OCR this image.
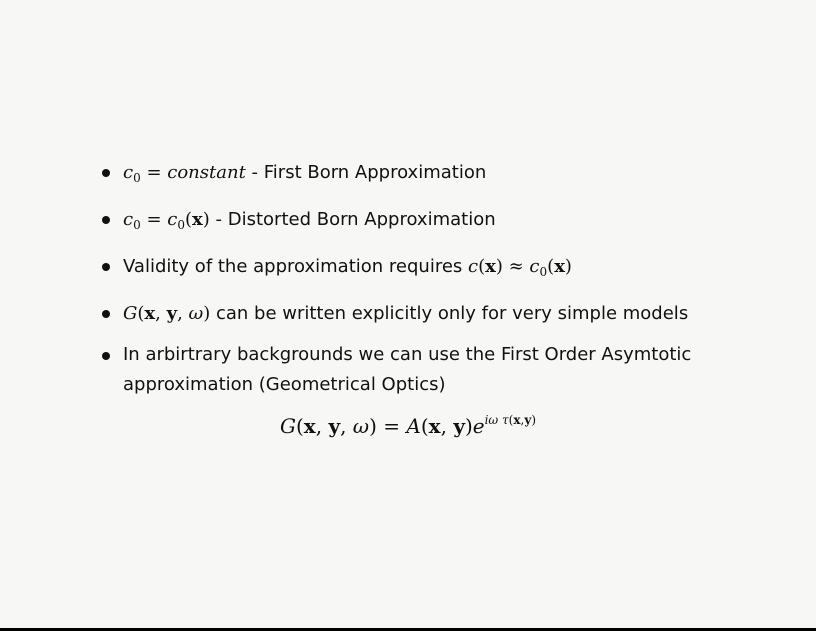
$c_0$ = constant - First Born Approximation
$c_0 = c_0(x)$ - Distorted Born Approximation
Validity of the approximation requires $c(x) \approx c_0(x)$
G(x, y, ω) can be written explicitly only for very simple models
In arbirtrary backgrounds we can use the First Order Asymtotic approximation (Geometrical Optics)
G(x, y, ω) = A(x, $y)e^{i\omega \tau(x,y)}$
